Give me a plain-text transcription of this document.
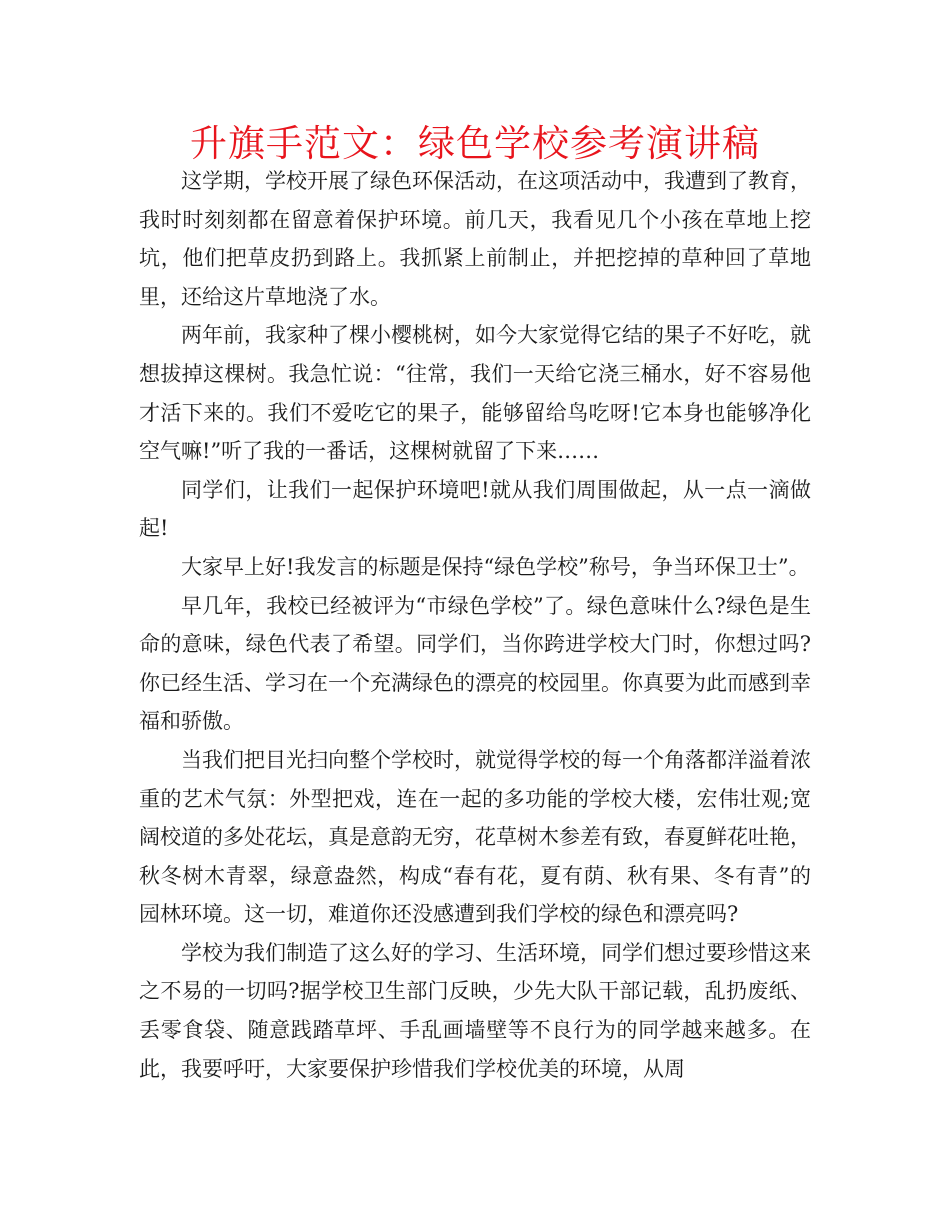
升旗手范文：绿色学校参考演讲稿

这学期，学校开展了绿色环保活动，在这项活动中，我遭到了教育，我时时刻刻都在留意着保护环境。前几天，我看见几个小孩在草地上挖坑，他们把草皮扔到路上。我抓紧上前制止，并把挖掉的草种回了草地里，还给这片草地浇了水。

两年前，我家种了棵小樱桃树，如今大家觉得它结的果子不好吃，就想拔掉这棵树。我急忙说：“往常，我们一天给它浇三桶水，好不容易他才活下来的。我们不爱吃它的果子，能够留给鸟吃呀!它本身也能够净化空气嘛!”听了我的一番话，这棵树就留了下来……

同学们，让我们一起保护环境吧!就从我们周围做起，从一点一滴做起!

大家早上好!我发言的标题是保持“绿色学校”称号，争当环保卫士”。

早几年，我校已经被评为“市绿色学校”了。绿色意味什么?绿色是生命的意味，绿色代表了希望。同学们，当你跨进学校大门时，你想过吗?你已经生活、学习在一个充满绿色的漂亮的校园里。你真要为此而感到幸福和骄傲。

当我们把目光扫向整个学校时，就觉得学校的每一个角落都洋溢着浓重的艺术气氛：外型把戏，连在一起的多功能的学校大楼，宏伟壮观;宽阔校道的多处花坛，真是意韵无穷，花草树木参差有致，春夏鲜花吐艳，秋冬树木青翠，绿意盎然，构成“春有花，夏有荫、秋有果、冬有青”的园林环境。这一切，难道你还没感遭到我们学校的绿色和漂亮吗?

学校为我们制造了这么好的学习、生活环境，同学们想过要珍惜这来之不易的一切吗?据学校卫生部门反映，少先大队干部记载，乱扔废纸、丢零食袋、随意践踏草坪、手乱画墙壁等不良行为的同学越来越多。在此，我要呼吁，大家要保护珍惜我们学校优美的环境，从周
